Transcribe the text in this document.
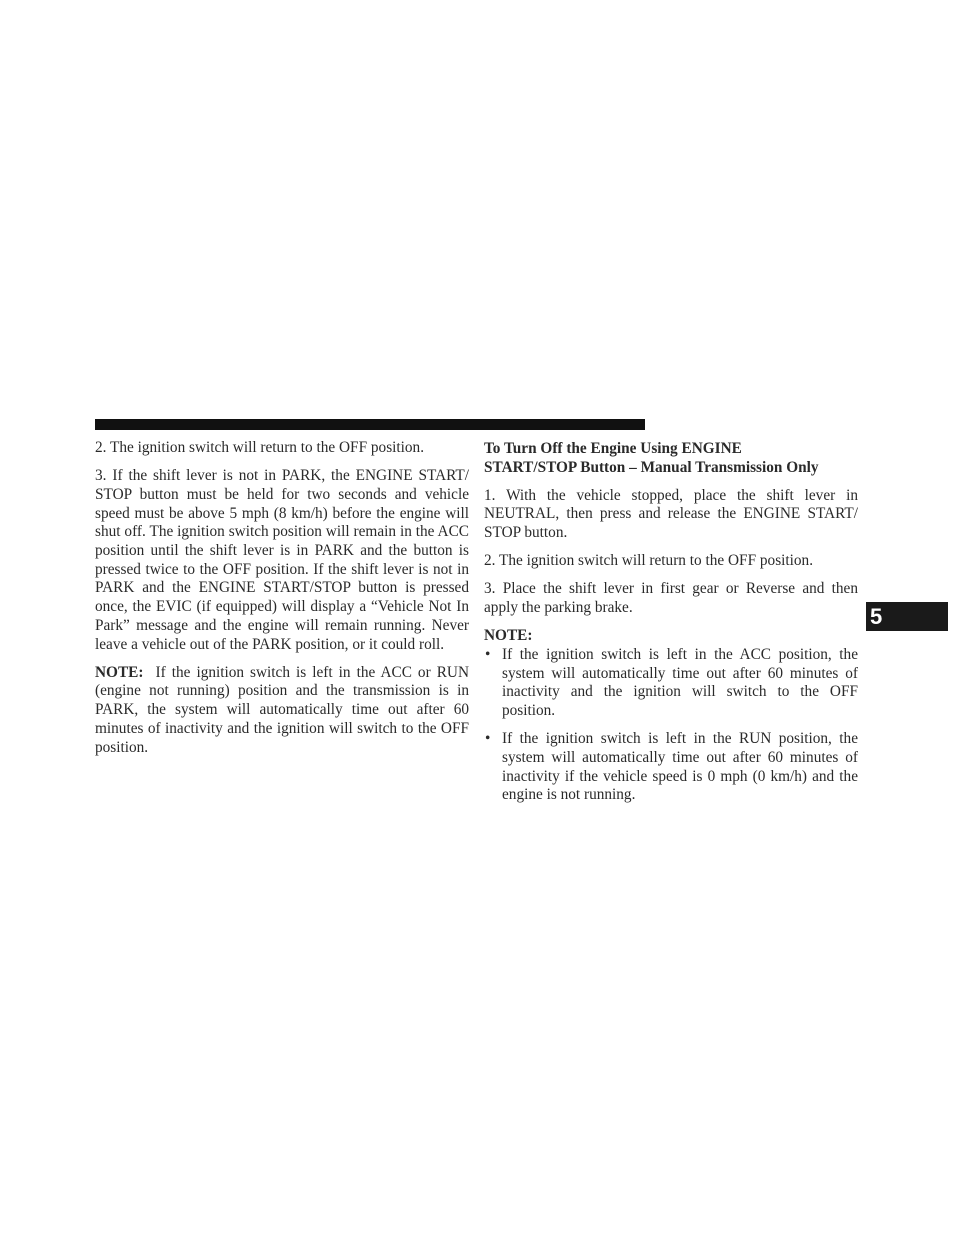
2. The ignition switch will return to the OFF position.

3. If the shift lever is not in PARK, the ENGINE START/ STOP button must be held for two seconds and vehicle speed must be above 5 mph (8 km/h) before the engine will shut off. The ignition switch position will remain in the ACC position until the shift lever is in PARK and the button is pressed twice to the OFF position. If the shift lever is not in PARK and the ENGINE START/STOP button is pressed once, the EVIC (if equipped) will display a “Vehicle Not In Park” message and the engine will remain running. Never leave a vehicle out of the PARK position, or it could roll.

NOTE: If the ignition switch is left in the ACC or RUN (engine not running) position and the transmission is in PARK, the system will automatically time out after 60 minutes of inactivity and the ignition will switch to the OFF position.

To Turn Off the Engine Using ENGINE
START/STOP Button – Manual Transmission Only

1. With the vehicle stopped, place the shift lever in NEUTRAL, then press and release the ENGINE START/ STOP button.

2. The ignition switch will return to the OFF position.

3. Place the shift lever in first gear or Reverse and then apply the parking brake.

NOTE:

• If the ignition switch is left in the ACC position, the system will automatically time out after 60 minutes of inactivity and the ignition will switch to the OFF position.
• If the ignition switch is left in the RUN position, the system will automatically time out after 60 minutes of inactivity if the vehicle speed is 0 mph (0 km/h) and the engine is not running.
5
